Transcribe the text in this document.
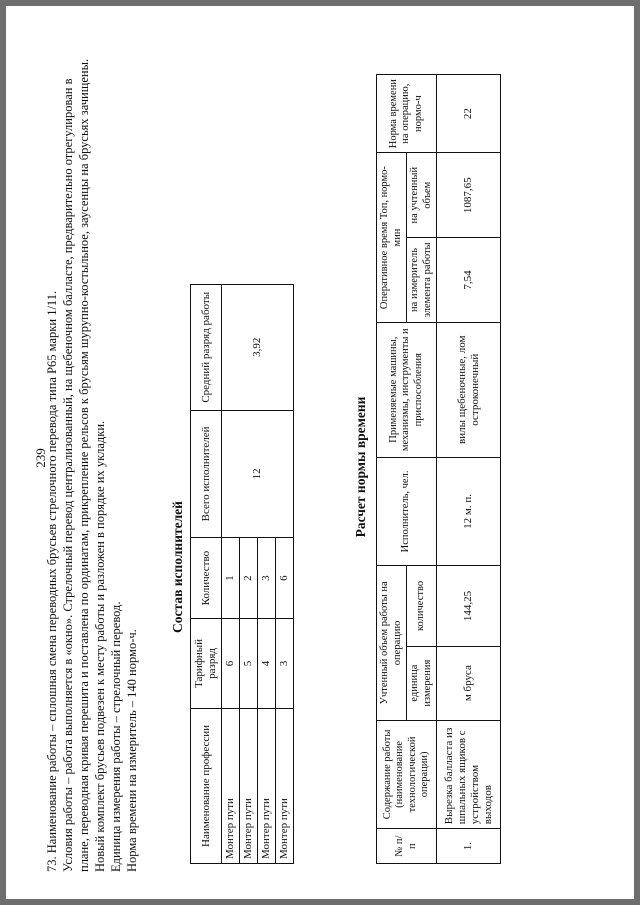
239

73. Наименование работы – сплошная смена переводных брусьев стрелочного перевода типа Р65 марки 1/11. Условия работы – работа выполняется в «окно». Стрелочный перевод централизованный, на щебеночном балласте, предварительно отрегулирован в плане, переводная кривая перешита и поставлена по ординатам, прикрепление рельсов к брусьям шурупно-костыльное, заусенцы на брусьях зачищены. Новый комплект брусьев подвезен к месту работы и разложен в порядке их укладки. Единица измерения работы – стрелочный перевод. Норма времени на измеритель – 140 нормо-ч.

Состав исполнителей
Наименование профессии	Тарифный разряд	Количество	Всего исполнителей	Средний разряд работы
Монтер пути	6	1	12	3,92
Монтер пути	5	2		
Монтер пути	4	3		
Монтер пути	3	6		
Расчет нормы времени
№ п/п	Содержание работы (наименование технологической операции)	Учтенный объем работы на операцию		Исполнитель, чел.	Применяемые машины, механизмы, инструменты и приспособления	Оперативное время Топ, нормо-мин		Норма времени на операцию, нормо-ч
		единица измерения	количество			на измеритель элемента работы	на учтенный объем	
1.	Вырезка балласта из шпальных ящиков с устройством выходов	м бруса	144,25	12 м. п.	вилы щебеночные, лом остроконечный	7,54	1087,65	22
